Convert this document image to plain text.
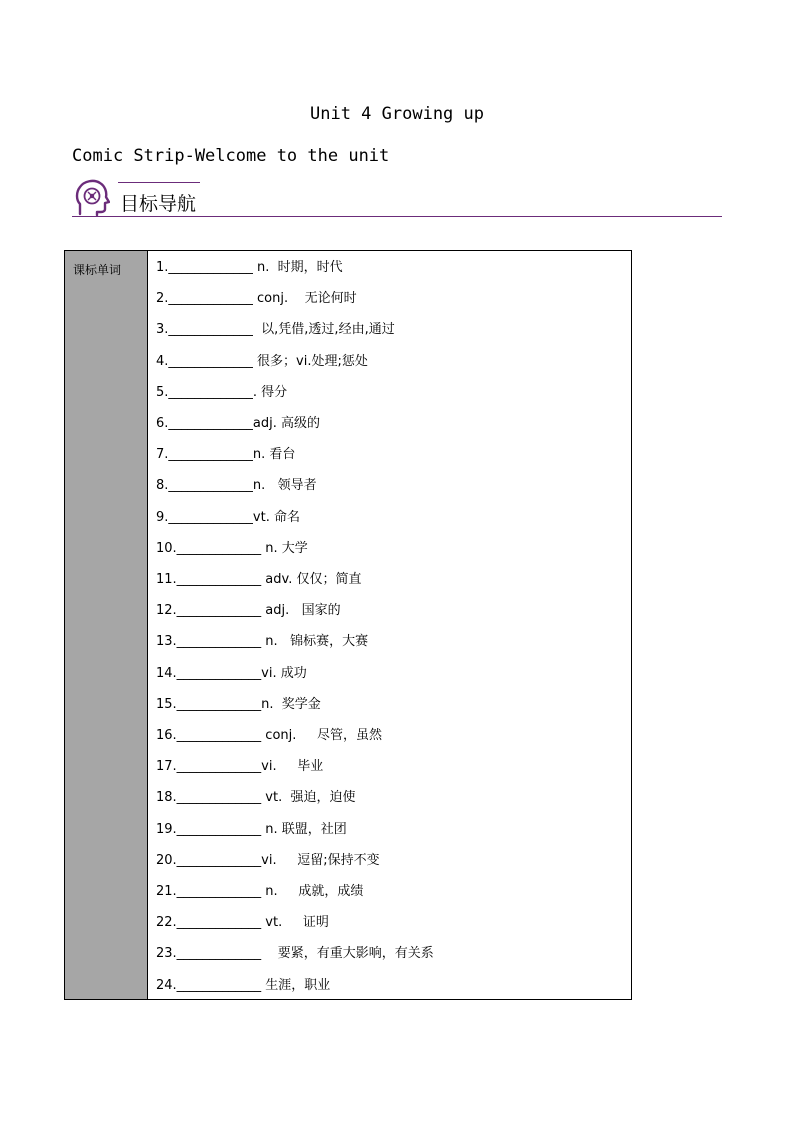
Unit 4 Growing up
Comic Strip-Welcome to the unit
目标导航
课标单词	1._____________ n.  时期，时代
2._____________ conj.    无论何时
3._____________  以,凭借,透过,经由,通过
4._____________ 很多；vi.处理;惩处
5._____________. 得分
6._____________adj. 高级的
7._____________n. 看台
8._____________n.   领导者
9._____________vt. 命名
10._____________ n. 大学
11._____________ adv. 仅仅；简直
12._____________ adj.   国家的
13._____________ n.   锦标赛，大赛
14._____________vi. 成功
15._____________n.  奖学金
16._____________ conj.     尽管，虽然
17._____________vi.     毕业
18._____________ vt.  强迫，迫使
19._____________ n. 联盟，社团
20._____________vi.     逗留;保持不变
21._____________ n.     成就，成绩
22._____________ vt.     证明
23._____________    要紧，有重大影响，有关系
24._____________ 生涯，职业
